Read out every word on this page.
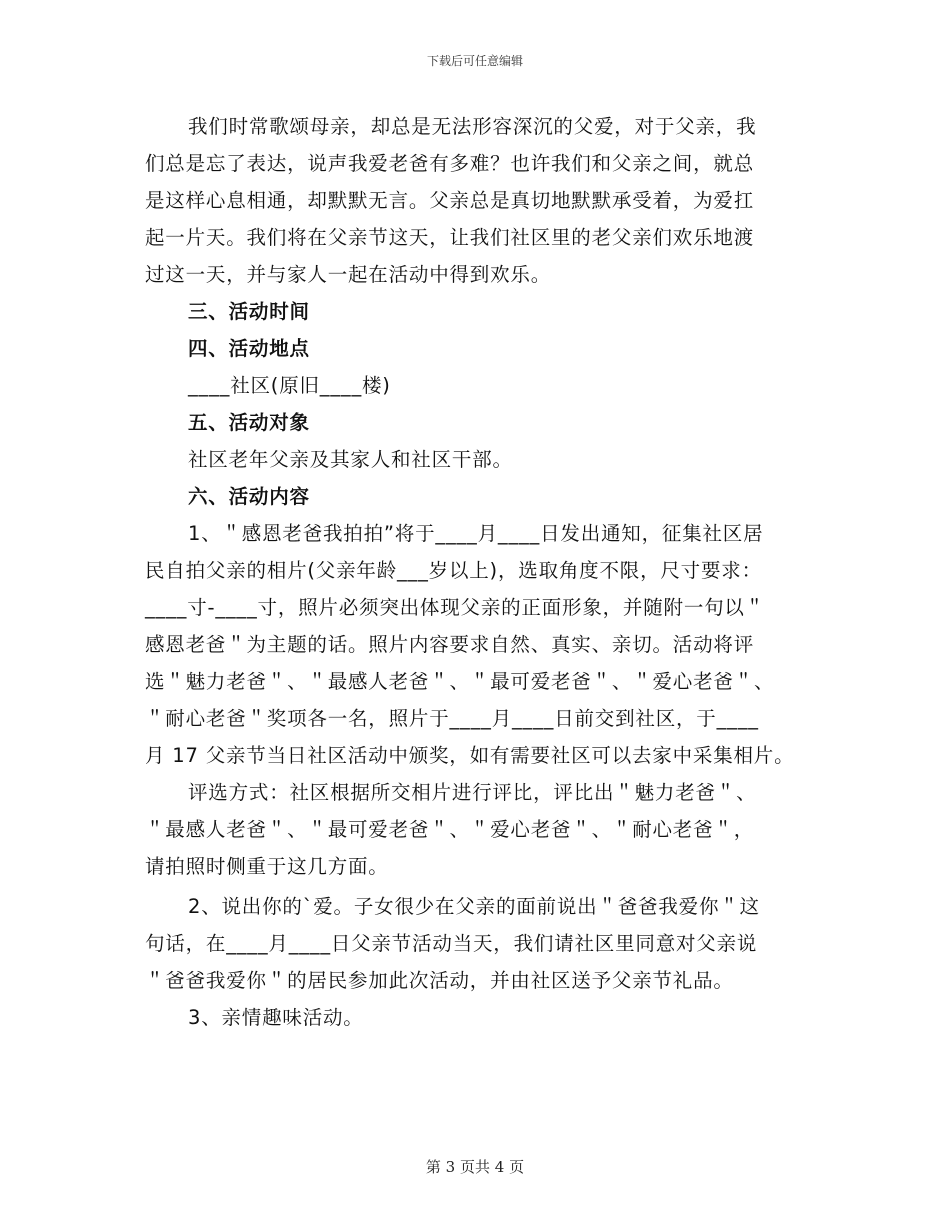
下载后可任意编辑
我们时常歌颂母亲，却总是无法形容深沉的父爱，对于父亲，我
们总是忘了表达，说声我爱老爸有多难？也许我们和父亲之间，就总
是这样心息相通，却默默无言。父亲总是真切地默默承受着，为爱扛
起一片天。我们将在父亲节这天，让我们社区里的老父亲们欢乐地渡
过这一天，并与家人一起在活动中得到欢乐。
三、活动时间
四、活动地点
____社区(原旧____楼)
五、活动对象
社区老年父亲及其家人和社区干部。
六、活动内容
1、＂感恩老爸我拍拍”将于____月____日发出通知，征集社区居
民自拍父亲的相片(父亲年龄___岁以上)，选取角度不限，尺寸要求：
____寸-____寸，照片必须突出体现父亲的正面形象，并随附一句以＂
感恩老爸＂为主题的话。照片内容要求自然、真实、亲切。活动将评
选＂魅力老爸＂、＂最感人老爸＂、＂最可爱老爸＂、＂爱心老爸＂、
＂耐心老爸＂奖项各一名，照片于____月____日前交到社区，于____
月 17 父亲节当日社区活动中颁奖，如有需要社区可以去家中采集相片。
评选方式：社区根据所交相片进行评比，评比出＂魅力老爸＂、
＂最感人老爸＂、＂最可爱老爸＂、＂爱心老爸＂、＂耐心老爸＂，
请拍照时侧重于这几方面。
2、说出你的`爱。子女很少在父亲的面前说出＂爸爸我爱你＂这
句话，在____月____日父亲节活动当天，我们请社区里同意对父亲说
＂爸爸我爱你＂的居民参加此次活动，并由社区送予父亲节礼品。
3、亲情趣味活动。
第 3 页共 4 页
